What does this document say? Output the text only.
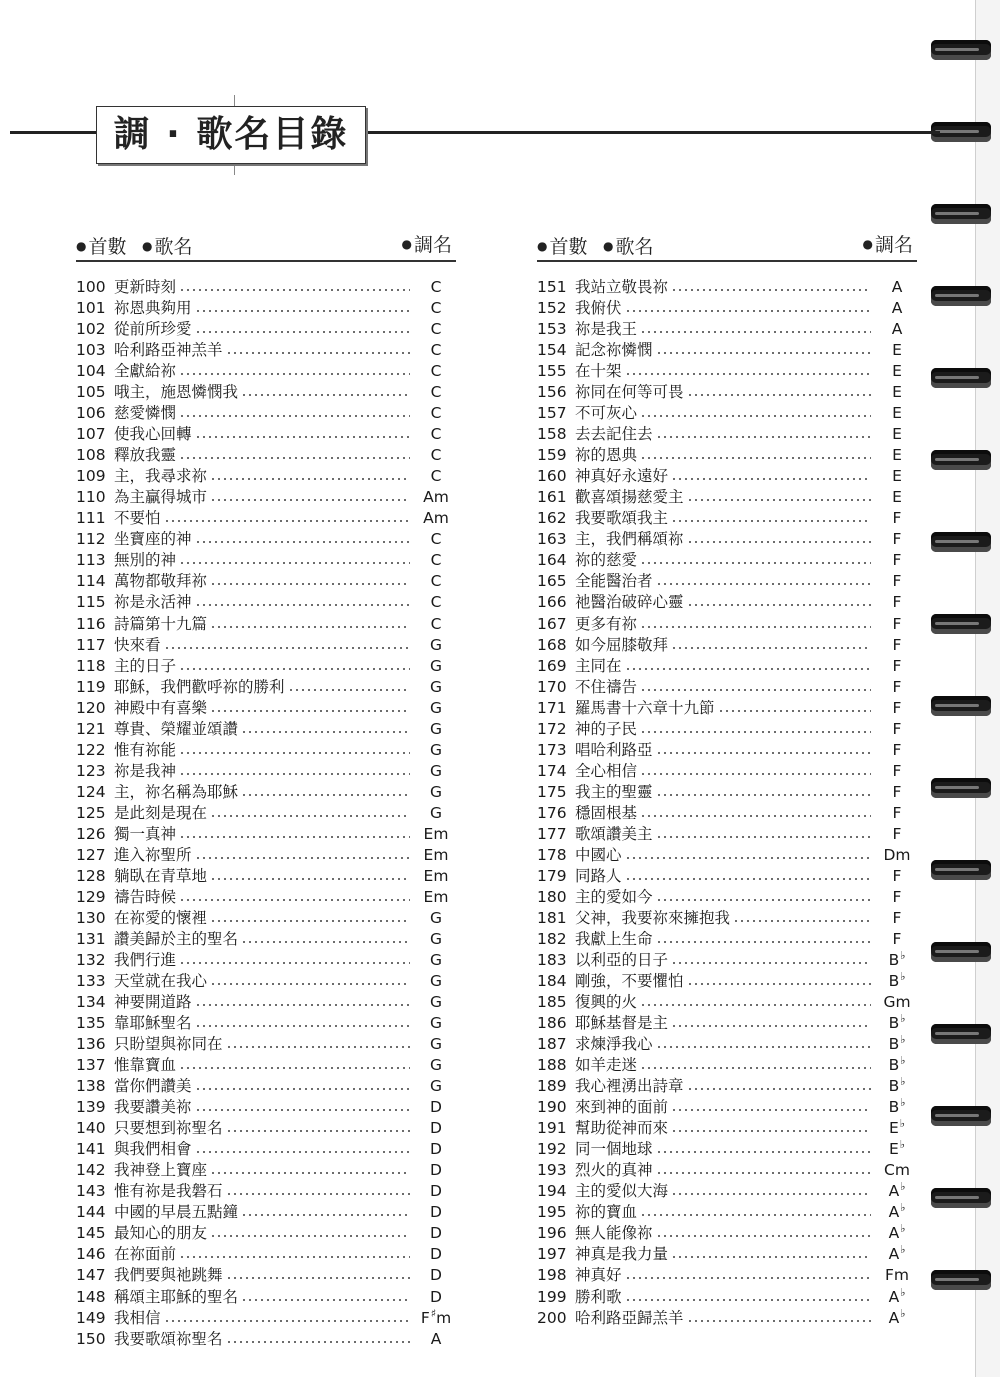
調 · 歌名目錄
● 首數 ● 歌名	● 調名
100 更新時刻	C
101 祢恩典夠用	C
102 從前所珍愛	C
103 哈利路亞神羔羊	C
104 全獻給祢	C
105 哦主，施恩憐憫我	C
106 慈愛憐憫	C
107 使我心回轉	C
108 釋放我靈	C
109 主，我尋求祢	C
110 為主贏得城市	Am
111 不要怕	Am
112 坐寶座的神	C
113 無別的神	C
114 萬物都敬拜祢	C
115 祢是永活神	C
116 詩篇第十九篇	C
117 快來看	G
118 主的日子	G
119 耶穌，我們歡呼祢的勝利	G
120 神殿中有喜樂	G
121 尊貴、榮耀並頌讚	G
122 惟有祢能	G
123 祢是我神	G
124 主，祢名稱為耶穌	G
125 是此刻是現在	G
126 獨一真神	Em
127 進入祢聖所	Em
128 躺臥在青草地	Em
129 禱告時候	Em
130 在祢愛的懷裡	G
131 讚美歸於主的聖名	G
132 我們行進	G
133 天堂就在我心	G
134 神要開道路	G
135 靠耶穌聖名	G
136 只盼望與祢同在	G
137 惟靠寶血	G
138 當你們讚美	G
139 我要讚美祢	D
140 只要想到祢聖名	D
141 與我們相會	D
142 我神登上寶座	D
143 惟有祢是我磐石	D
144 中國的早晨五點鐘	D
145 最知心的朋友	D
146 在祢面前	D
147 我們要與祂跳舞	D
148 稱頌主耶穌的聖名	D
149 我相信	F♯m
150 我要歌頌祢聖名	A
● 首數 ● 歌名	● 調名
151 我站立敬畏祢	A
152 我俯伏	A
153 祢是我王	A
154 記念祢憐憫	E
155 在十架	E
156 祢同在何等可畏	E
157 不可灰心	E
158 去去記住去	E
159 祢的恩典	E
160 神真好永遠好	E
161 歡喜頌揚慈愛主	E
162 我要歌頌我主	F
163 主，我們稱頌祢	F
164 祢的慈愛	F
165 全能醫治者	F
166 祂醫治破碎心靈	F
167 更多有祢	F
168 如今屈膝敬拜	F
169 主同在	F
170 不住禱告	F
171 羅馬書十六章十九節	F
172 神的子民	F
173 唱哈利路亞	F
174 全心相信	F
175 我主的聖靈	F
176 穩固根基	F
177 歌頌讚美主	F
178 中國心	Dm
179 同路人	F
180 主的愛如今	F
181 父神，我要祢來擁抱我	F
182 我獻上生命	F
183 以利亞的日子	B♭
184 剛強，不要懼怕	B♭
185 復興的火	Gm
186 耶穌基督是主	B♭
187 求煉淨我心	B♭
188 如羊走迷	B♭
189 我心裡湧出詩章	B♭
190 來到神的面前	B♭
191 幫助從神而來	E♭
192 同一個地球	E♭
193 烈火的真神	Cm
194 主的愛似大海	A♭
195 祢的寶血	A♭
196 無人能像祢	A♭
197 神真是我力量	A♭
198 神真好	Fm
199 勝利歌	A♭
200 哈利路亞歸羔羊	A♭
